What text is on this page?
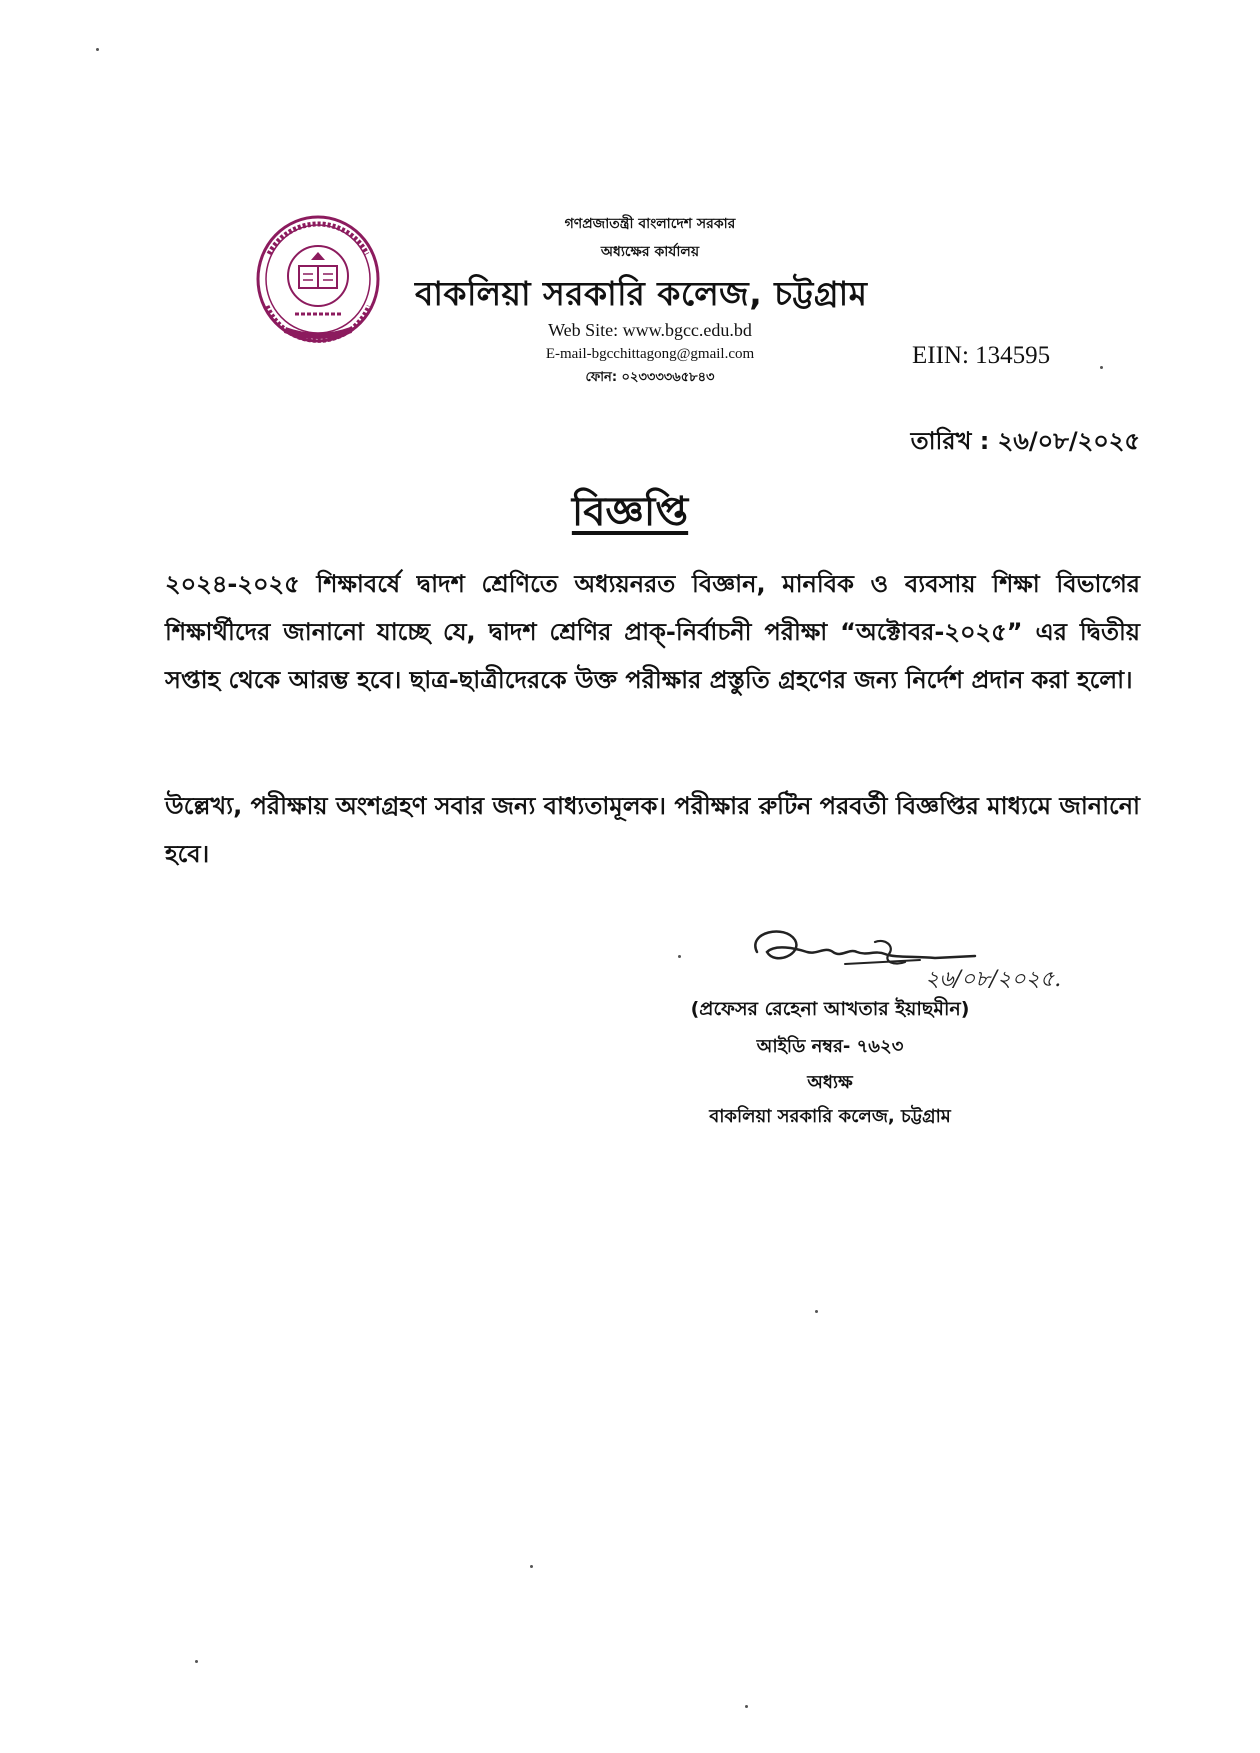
গণপ্রজাতন্ত্রী বাংলাদেশ সরকার
অধ্যক্ষের কার্যালয়
বাকলিয়া সরকারি কলেজ, চট্টগ্রাম
Web Site: www.bgcc.edu.bd
E-mail-bgcchittagong@gmail.com
ফোন: ০২৩৩৩৩৬৫৮৪৩
EIIN: 134595
তারিখ : ২৬/০৮/২০২৫
বিজ্ঞপ্তি
২০২৪-২০২৫ শিক্ষাবর্ষে দ্বাদশ শ্রেণিতে অধ্যয়নরত বিজ্ঞান, মানবিক ও ব্যবসায় শিক্ষা বিভাগের শিক্ষার্থীদের জানানো যাচ্ছে যে, দ্বাদশ শ্রেণির প্রাক্-নির্বাচনী পরীক্ষা “অক্টোবর-২০২৫” এর দ্বিতীয় সপ্তাহ থেকে আরম্ভ হবে। ছাত্র-ছাত্রীদেরকে উক্ত পরীক্ষার প্রস্তুতি গ্রহণের জন্য নির্দেশ প্রদান করা হলো।
উল্লেখ্য, পরীক্ষায় অংশগ্রহণ সবার জন্য বাধ্যতামূলক। পরীক্ষার রুটিন পরবর্তী বিজ্ঞপ্তির মাধ্যমে জানানো হবে।
২৬/০৮/২০২৫.
(প্রফেসর রেহেনা আখতার ইয়াছমীন)
আইডি নম্বর- ৭৬২৩
অধ্যক্ষ
বাকলিয়া সরকারি কলেজ, চট্টগ্রাম
